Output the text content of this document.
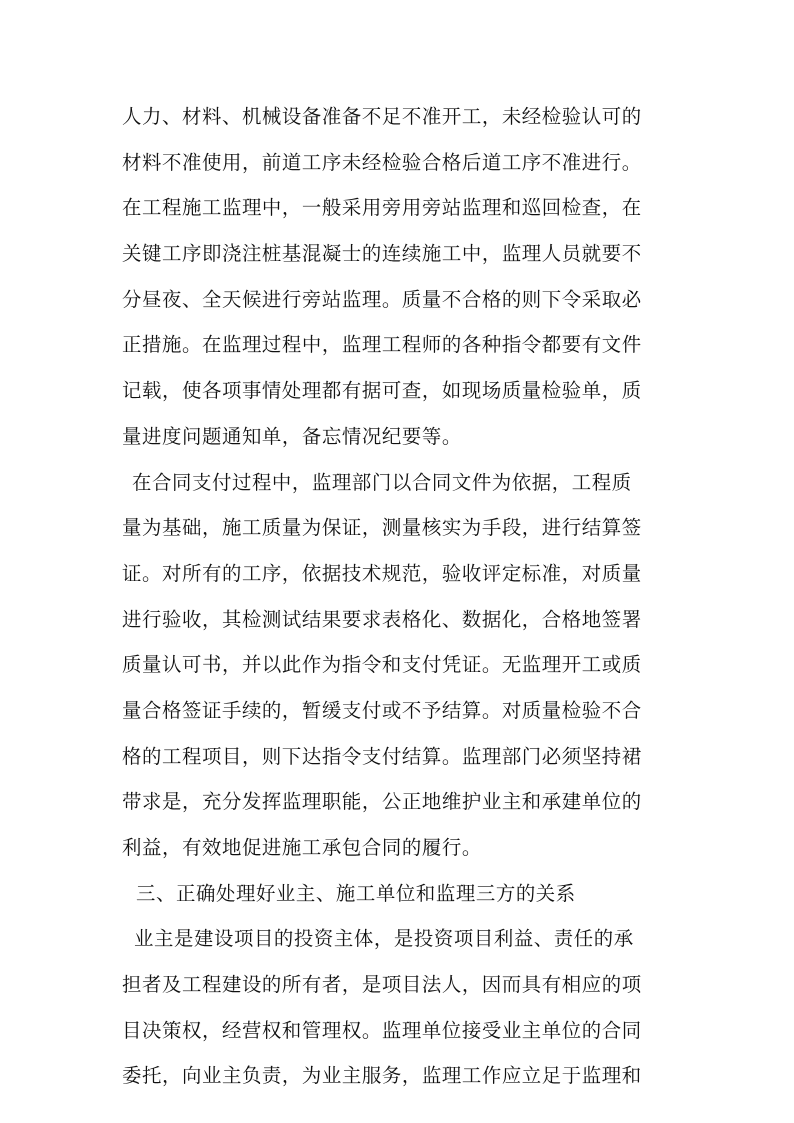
人力、材料、机械设备准备不足不准开工，未经检验认可的
材料不准使用，前道工序未经检验合格后道工序不准进行。
在工程施工监理中，一般采用旁用旁站监理和巡回检查，在
关键工序即浇注桩基混凝士的连续施工中，监理人员就要不
分昼夜、全天候进行旁站监理。质量不合格的则下令采取必
正措施。在监理过程中，监理工程师的各种指令都要有文件
记载，使各项事情处理都有据可查，如现场质量检验单，质
量进度问题通知单，备忘情况纪要等。
在合同支付过程中，监理部门以合同文件为依据，工程质
量为基础，施工质量为保证，测量核实为手段，进行结算签
证。对所有的工序，依据技术规范，验收评定标准，对质量
进行验收，其检测试结果要求表格化、数据化，合格地签署
质量认可书，并以此作为指令和支付凭证。无监理开工或质
量合格签证手续的，暂缓支付或不予结算。对质量检验不合
格的工程项目，则下达指令支付结算。监理部门必须坚持裙
带求是，充分发挥监理职能，公正地维护业主和承建单位的
利益，有效地促进施工承包合同的履行。
三、正确处理好业主、施工单位和监理三方的关系
业主是建设项目的投资主体，是投资项目利益、责任的承
担者及工程建设的所有者，是项目法人，因而具有相应的项
目决策权，经营权和管理权。监理单位接受业主单位的合同
委托，向业主负责，为业主服务，监理工作应立足于监理和
